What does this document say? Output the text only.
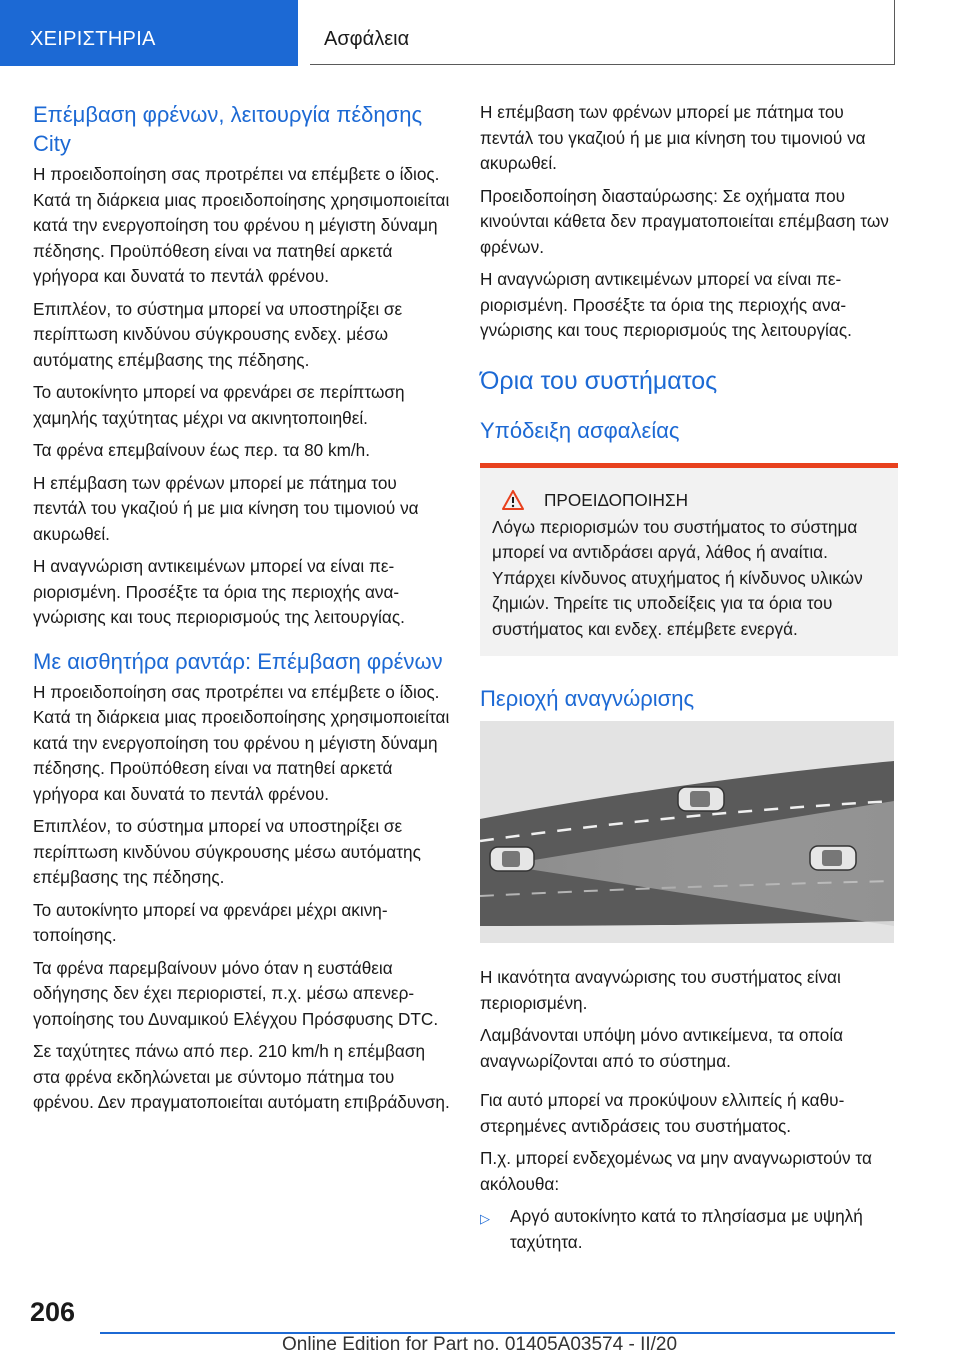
ΧΕΙΡΙΣΤΗΡΙΑ	Ασφάλεια
Επέμβαση φρένων, λειτουργία πέδησης City

Η προειδοποίηση σας προτρέπει να επέμβετε ο ίδιος. Κατά τη διάρκεια μιας προειδοποίησης χρησιμοποιείται κατά την ενεργοποίηση του φρένου η μέγιστη δύναμη πέδησης. Προϋπόθεση είναι να πατηθεί αρκετά γρήγορα και δυνατά το πεντάλ φρένου.

Επιπλέον, το σύστημα μπορεί να υποστηρίξει σε περίπτωση κινδύνου σύγκρουσης ενδεχ. μέσω αυτόματης επέμβασης της πέδησης.

Το αυτοκίνητο μπορεί να φρενάρει σε περίπτωση χαμηλής ταχύτητας μέχρι να ακινητοποιηθεί.

Τα φρένα επεμβαίνουν έως περ. τα 80 km/h.

Η επέμβαση των φρένων μπορεί με πάτημα του πεντάλ του γκαζιού ή με μια κίνηση του τιμονιού να ακυρωθεί.

Η αναγνώριση αντικειμένων μπορεί να είναι περιορισμένη. Προσέξτε τα όρια της περιοχής αναγνώρισης και τους περιορισμούς της λειτουργίας.

Με αισθητήρα ραντάρ: Επέμβαση φρένων

Η προειδοποίηση σας προτρέπει να επέμβετε ο ίδιος. Κατά τη διάρκεια μιας προειδοποίησης χρησιμοποιείται κατά την ενεργοποίηση του φρένου η μέγιστη δύναμη πέδησης. Προϋπόθεση είναι να πατηθεί αρκετά γρήγορα και δυνατά το πεντάλ φρένου.

Επιπλέον, το σύστημα μπορεί να υποστηρίξει σε περίπτωση κινδύνου σύγκρουσης μέσω αυτόματης επέμβασης της πέδησης.

Το αυτοκίνητο μπορεί να φρενάρει μέχρι ακινητοποίησης.

Τα φρένα παρεμβαίνουν μόνο όταν η ευστάθεια οδήγησης δεν έχει περιοριστεί, π.χ. μέσω απενεργοποίησης του Δυναμικού Ελέγχου Πρόσφυσης DTC.

Σε ταχύτητες πάνω από περ. 210 km/h η επέμβαση στα φρένα εκδηλώνεται με σύντομο πάτημα του φρένου. Δεν πραγματοποιείται αυτόματη επιβράδυνση.

Η επέμβαση των φρένων μπορεί με πάτημα του πεντάλ του γκαζιού ή με μια κίνηση του τιμονιού να ακυρωθεί.

Προειδοποίηση διασταύρωσης: Σε οχήματα που κινούνται κάθετα δεν πραγματοποιείται επέμβαση των φρένων.

Η αναγνώριση αντικειμένων μπορεί να είναι περιορισμένη. Προσέξτε τα όρια της περιοχής αναγνώρισης και τους περιορισμούς της λειτουργίας.

Όρια του συστήματος
Υπόδειξη ασφαλείας
ΠΡΟΕΙΔΟΠΟΙΗΣΗ

Λόγω περιορισμών του συστήματος το σύστημα μπορεί να αντιδράσει αργά, λάθος ή αναίτια. Υπάρχει κίνδυνος ατυχήματος ή κίνδυνος υλικών ζημιών. Τηρείτε τις υποδείξεις για τα όρια του συστήματος και ενδεχ. επέμβετε ενεργά.

Περιοχή αναγνώρισης

Η ικανότητα αναγνώρισης του συστήματος είναι περιορισμένη.

Λαμβάνονται υπόψη μόνο αντικείμενα, τα οποία αναγνωρίζονται από το σύστημα.

Για αυτό μπορεί να προκύψουν ελλιπείς ή καθυστερημένες αντιδράσεις του συστήματος.

Π.χ. μπορεί ενδεχομένως να μην αναγνωριστούν τα ακόλουθα:

▷	Αργό αυτοκίνητο κατά το πλησίασμα με υψηλή ταχύτητα.
206
Online Edition for Part no. 01405A03574 - II/20
